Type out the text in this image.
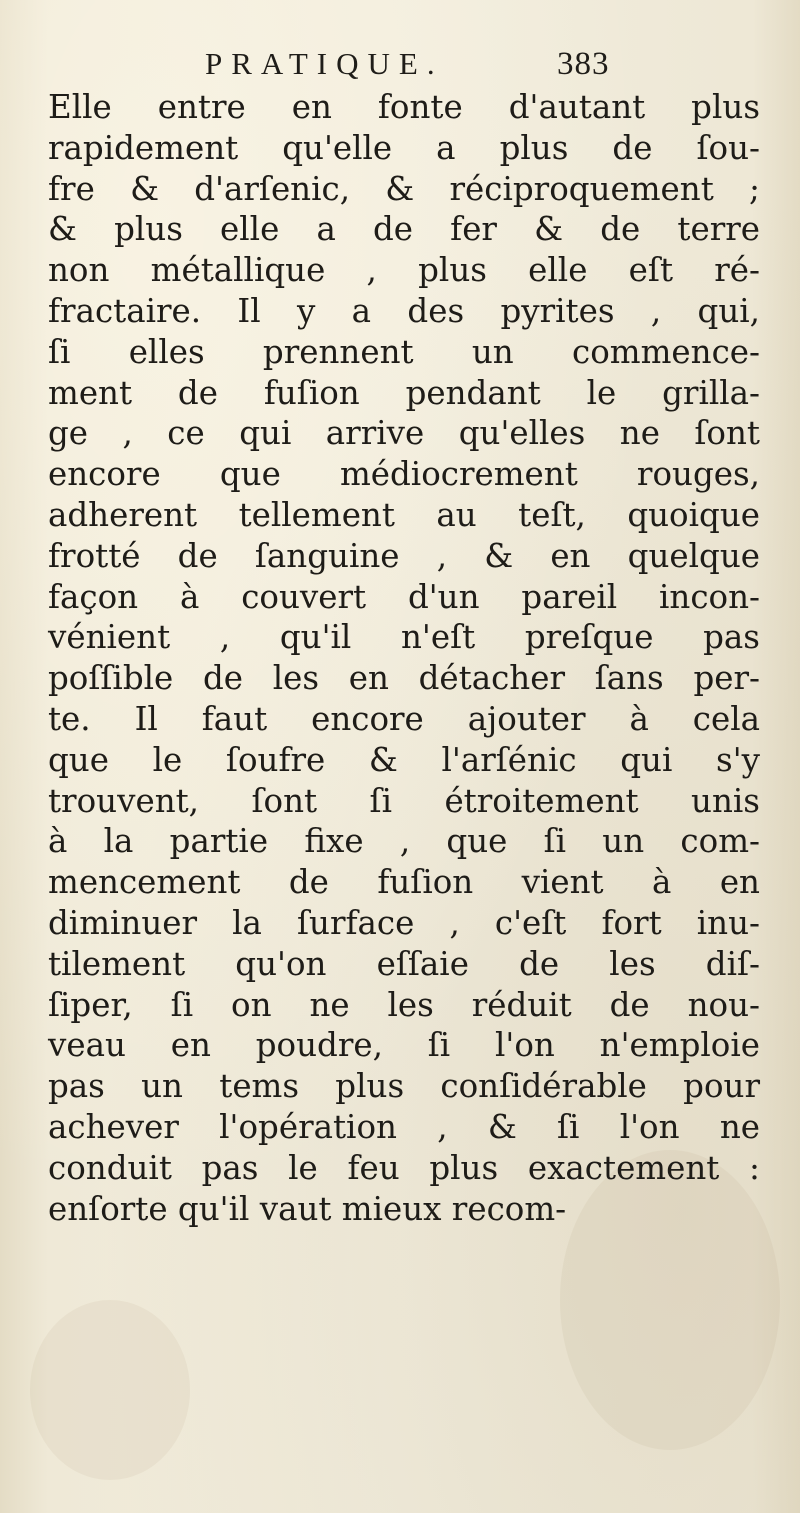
PRATIQUE.	383
Elle entre en fonte d'autant plus
rapidement qu'elle a plus de ſou-
fre & d'arſenic, & réciproquement ;
& plus elle a de fer & de terre
non métallique , plus elle eſt ré-
fractaire. Il y a des pyrites , qui,
ſi elles prennent un commence-
ment de fuſion pendant le grilla-
ge , ce qui arrive qu'elles ne ſont
encore que médiocrement rouges,
adherent tellement au teſt, quoique
frotté de ſanguine , & en quelque
façon à couvert d'un pareil incon-
vénient , qu'il n'eſt preſque pas
poſſible de les en détacher ſans per-
te. Il faut encore ajouter à cela
que le ſoufre & l'arſénic qui s'y
trouvent, ſont ſi étroitement unis
à la partie fixe , que ſi un com-
mencement de fuſion vient à en
diminuer la ſurface , c'eſt fort inu-
tilement qu'on eſſaie de les diſ-
ſiper, ſi on ne les réduit de nou-
veau en poudre, ſi l'on n'emploie
pas un tems plus conſidérable pour
achever l'opération , & ſi l'on ne
conduit pas le feu plus exactement :
enſorte qu'il vaut mieux recom-
